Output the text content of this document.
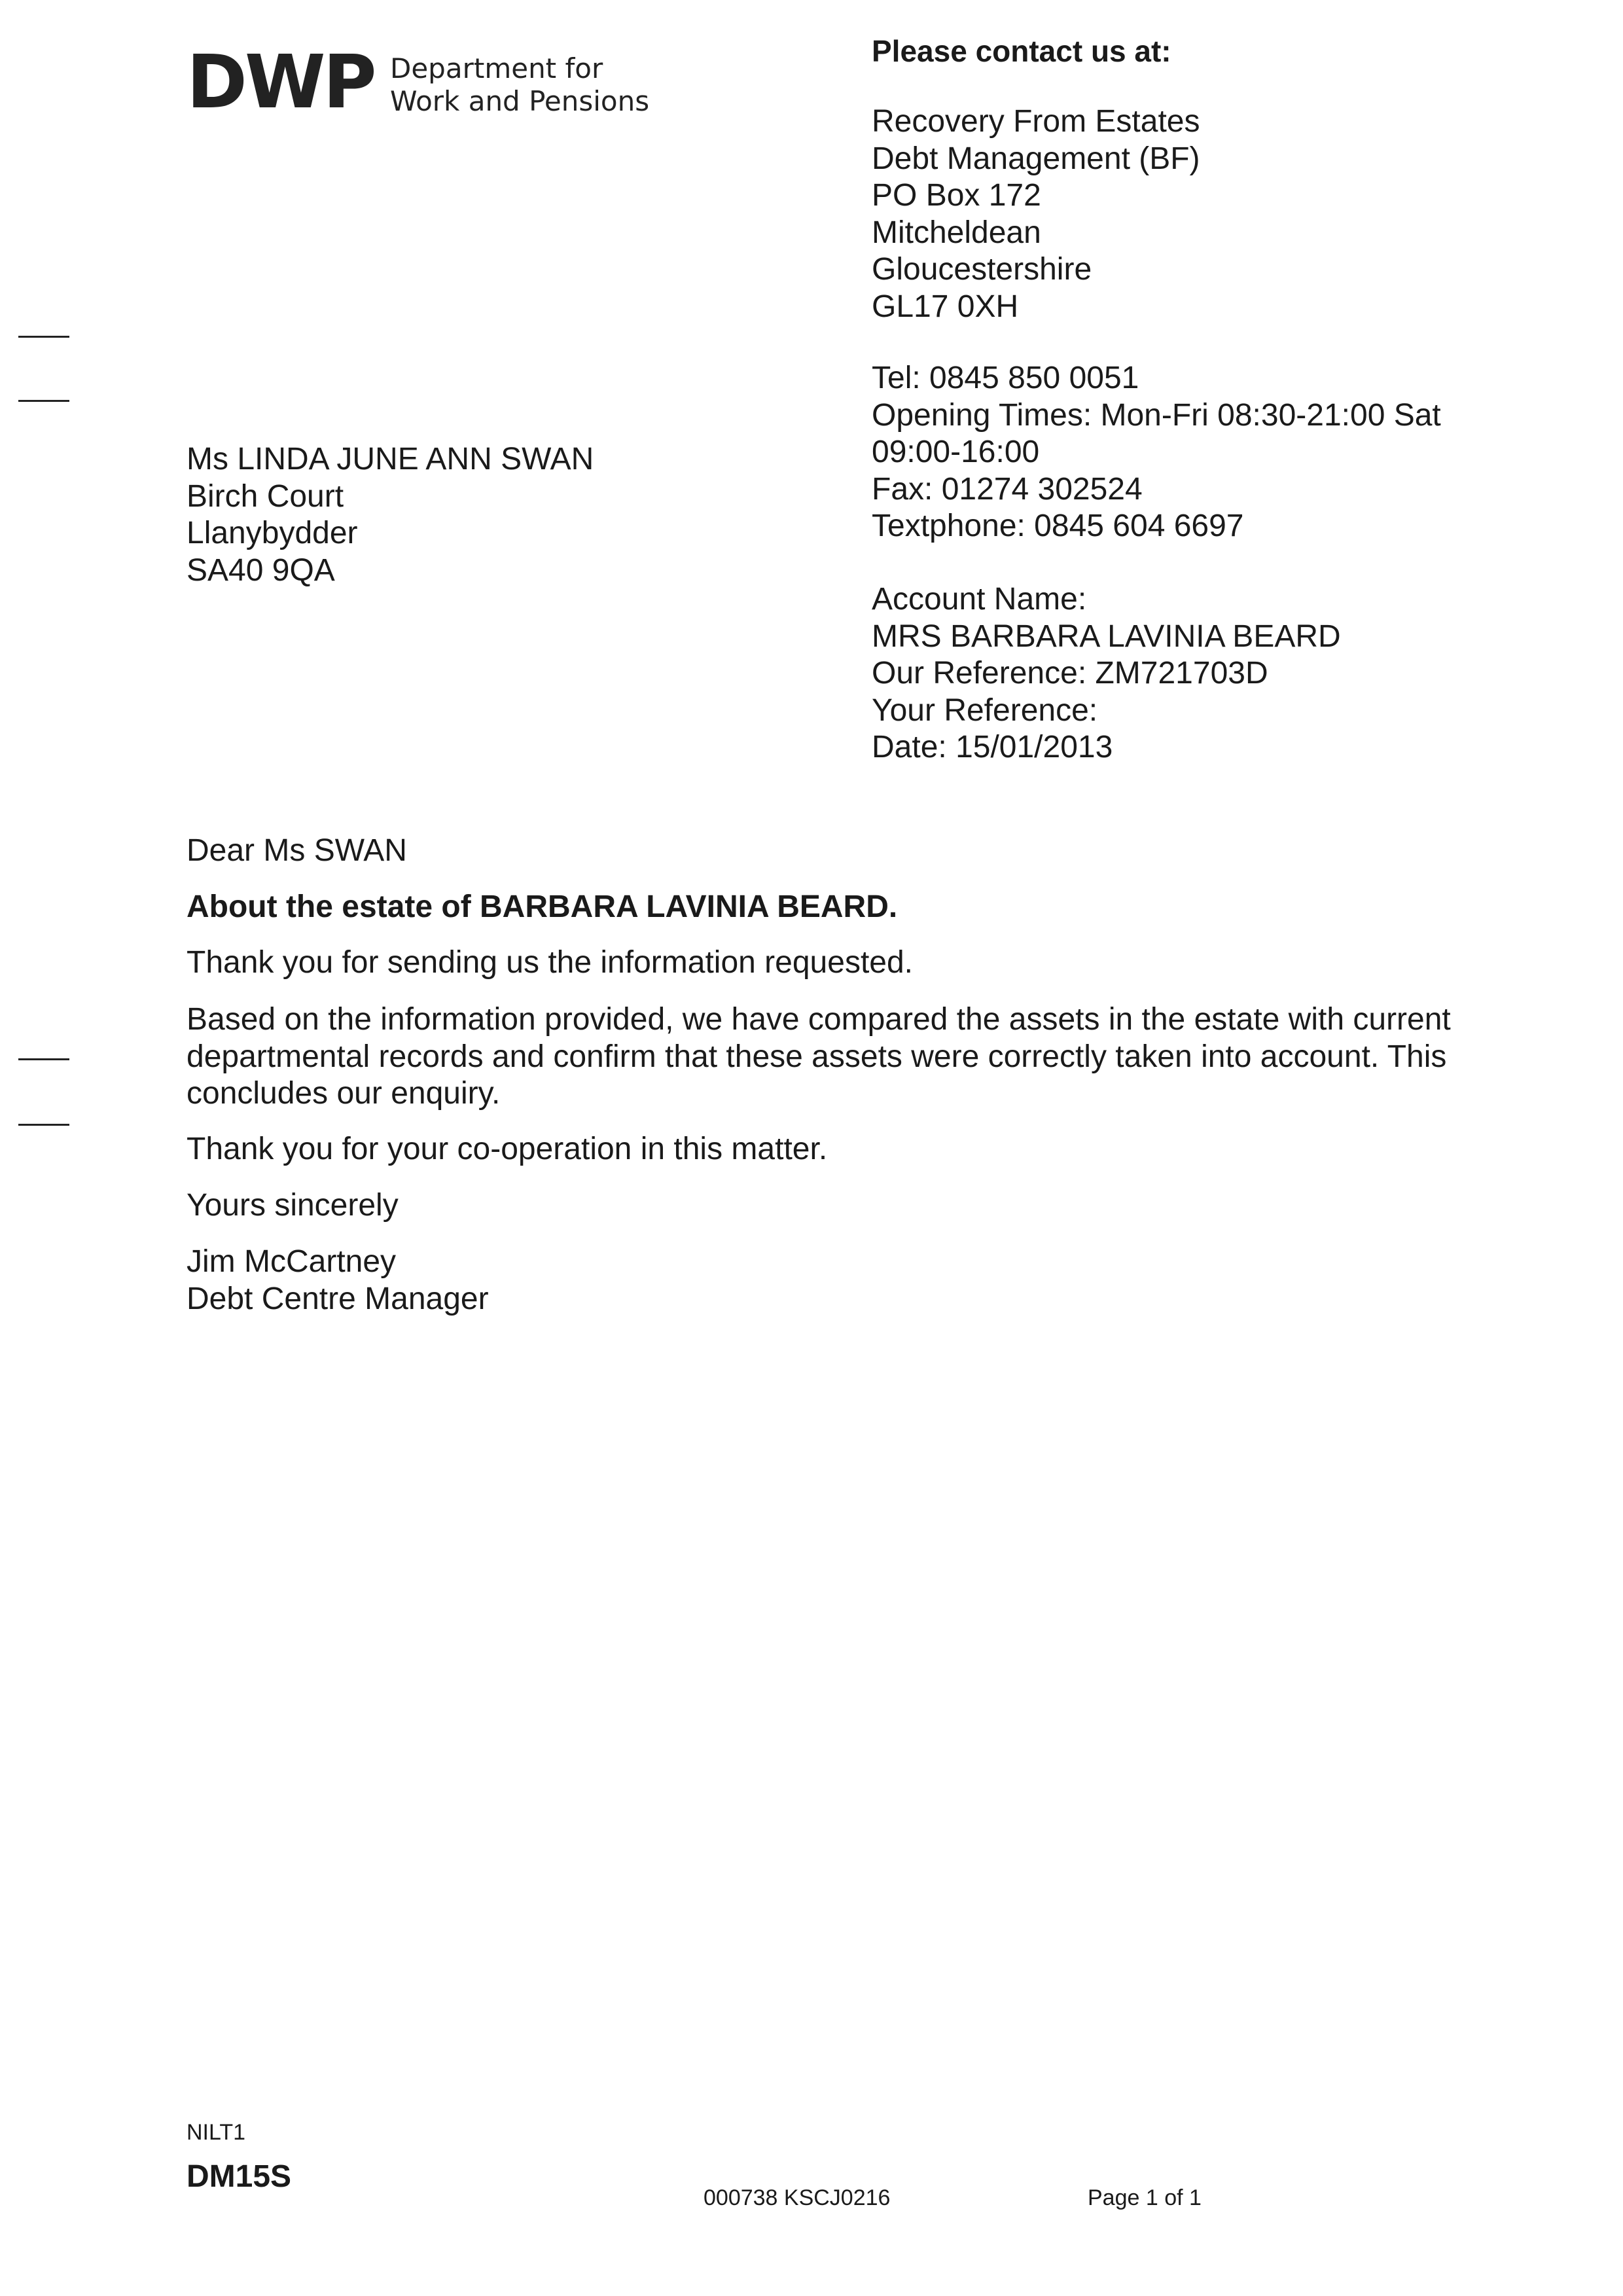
DWP Department for
Work and Pensions
Please contact us at:
Recovery From Estates
Debt Management (BF)
PO Box 172
Mitcheldean
Gloucestershire
GL17 0XH
Tel: 0845 850 0051
Opening Times: Mon-Fri 08:30-21:00 Sat
09:00-16:00
Fax: 01274 302524
Textphone: 0845 604 6697
Account Name:
MRS BARBARA LAVINIA BEARD
Our Reference: ZM721703D
Your Reference:
Date: 15/01/2013
Ms LINDA JUNE ANN SWAN
Birch Court
Llanybydder
SA40 9QA
Dear Ms SWAN
About the estate of BARBARA LAVINIA BEARD.
Thank you for sending us the information requested.
Based on the information provided, we have compared the assets in the estate with current departmental records and confirm that these assets were correctly taken into account. This concludes our enquiry.
Thank you for your co-operation in this matter.
Yours sincerely
Jim McCartney
Debt Centre Manager
NILT1
DM15S
000738 KSCJ0216	Page 1 of 1
